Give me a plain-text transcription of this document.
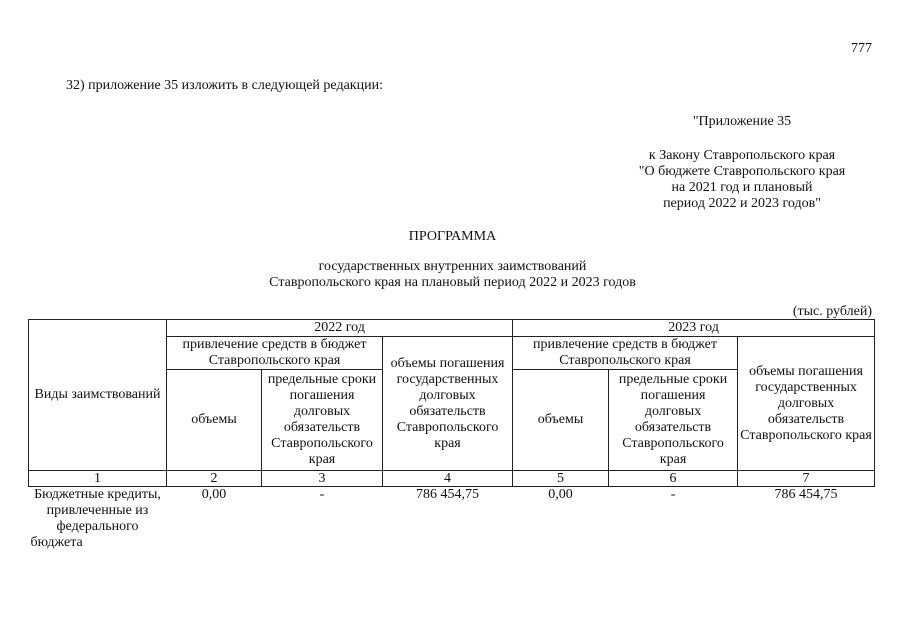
777
32) приложение 35 изложить в следующей редакции:
"Приложение 35
к Закону Ставропольского края
"О бюджете Ставропольского края
на 2021 год и плановый
период 2022 и 2023 годов"
ПРОГРАММА
государственных внутренних заимствований
Ставропольского края на плановый период 2022 и 2023 годов
(тыс. рублей)
Виды заимствований	2022 год			2023 год		
	привлечение средств в бюджет Ставропольского края		объемы погашения государственных долговых обязательств Ставропольского края	привлечение средств в бюджет Ставропольского края		объемы погашения государственных долговых обязательств Ставропольского края
	объемы	предельные сроки погашения долговых обязательств Ставропольского края		объемы	предельные сроки погашения долговых обязательств Ставропольского края	
1	2	3	4	5	6	7
Бюджетные кредиты, привлеченные из федерального бюджета	0,00	-	786 454,75	0,00	-	786 454,75
